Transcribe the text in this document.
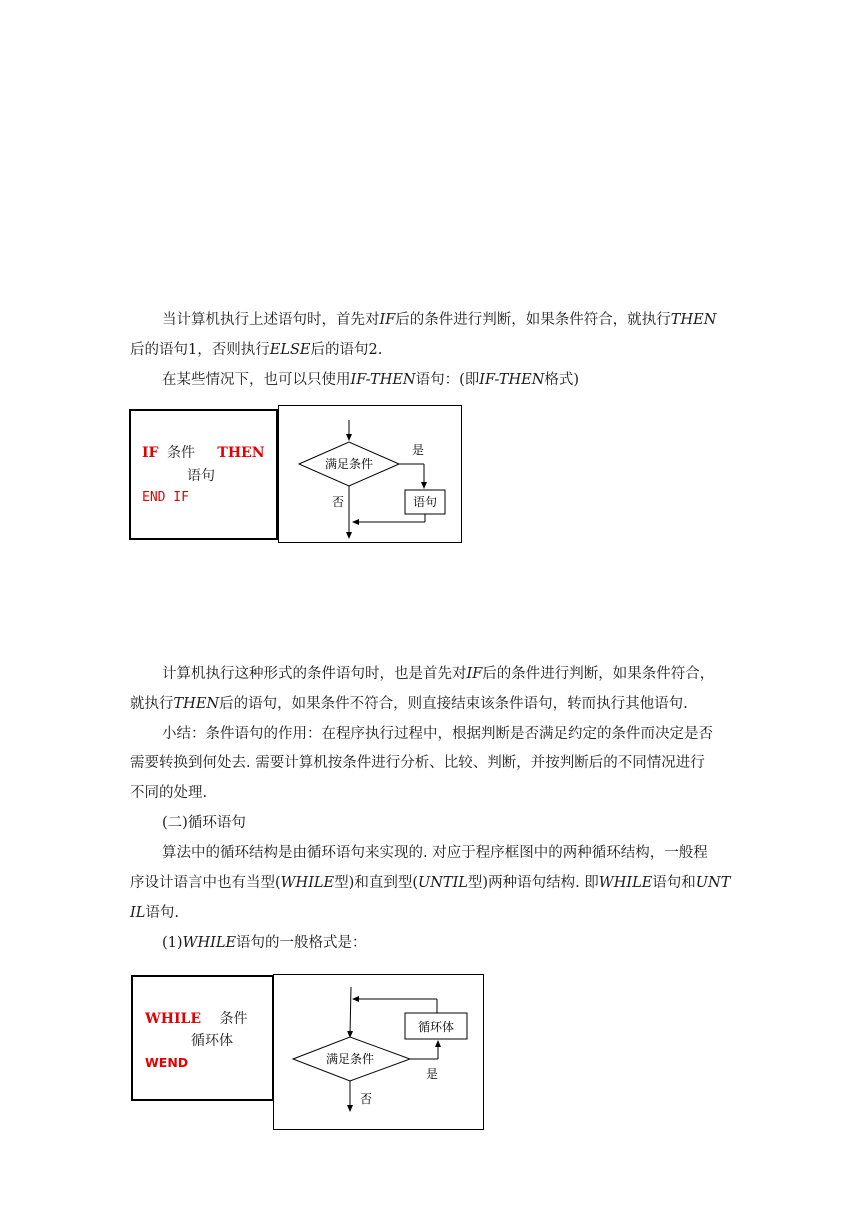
当计算机执行上述语句时，首先对IF后的条件进行判断，如果条件符合，就执行THEN
后的语句1，否则执行ELSE后的语句2.
在某些情况下，也可以只使用IF-THEN语句：(即IF-THEN格式)
IF 条件 THEN
语句
END IF
满足条件
是
语句
否
计算机执行这种形式的条件语句时，也是首先对IF后的条件进行判断，如果条件符合，
就执行THEN后的语句，如果条件不符合，则直接结束该条件语句，转而执行其他语句.
小结：条件语句的作用：在程序执行过程中，根据判断是否满足约定的条件而决定是否
需要转换到何处去. 需要计算机按条件进行分析、比较、判断，并按判断后的不同情况进行
不同的处理.
(二)循环语句
算法中的循环结构是由循环语句来实现的. 对应于程序框图中的两种循环结构，一般程
序设计语言中也有当型(WHILE型)和直到型(UNTIL型)两种语句结构. 即WHILE语句和UNT
IL语句.
(1)WHILE语句的一般格式是：
WHILE 条件
循环体
WEND	满足条件
是
循环体
否
